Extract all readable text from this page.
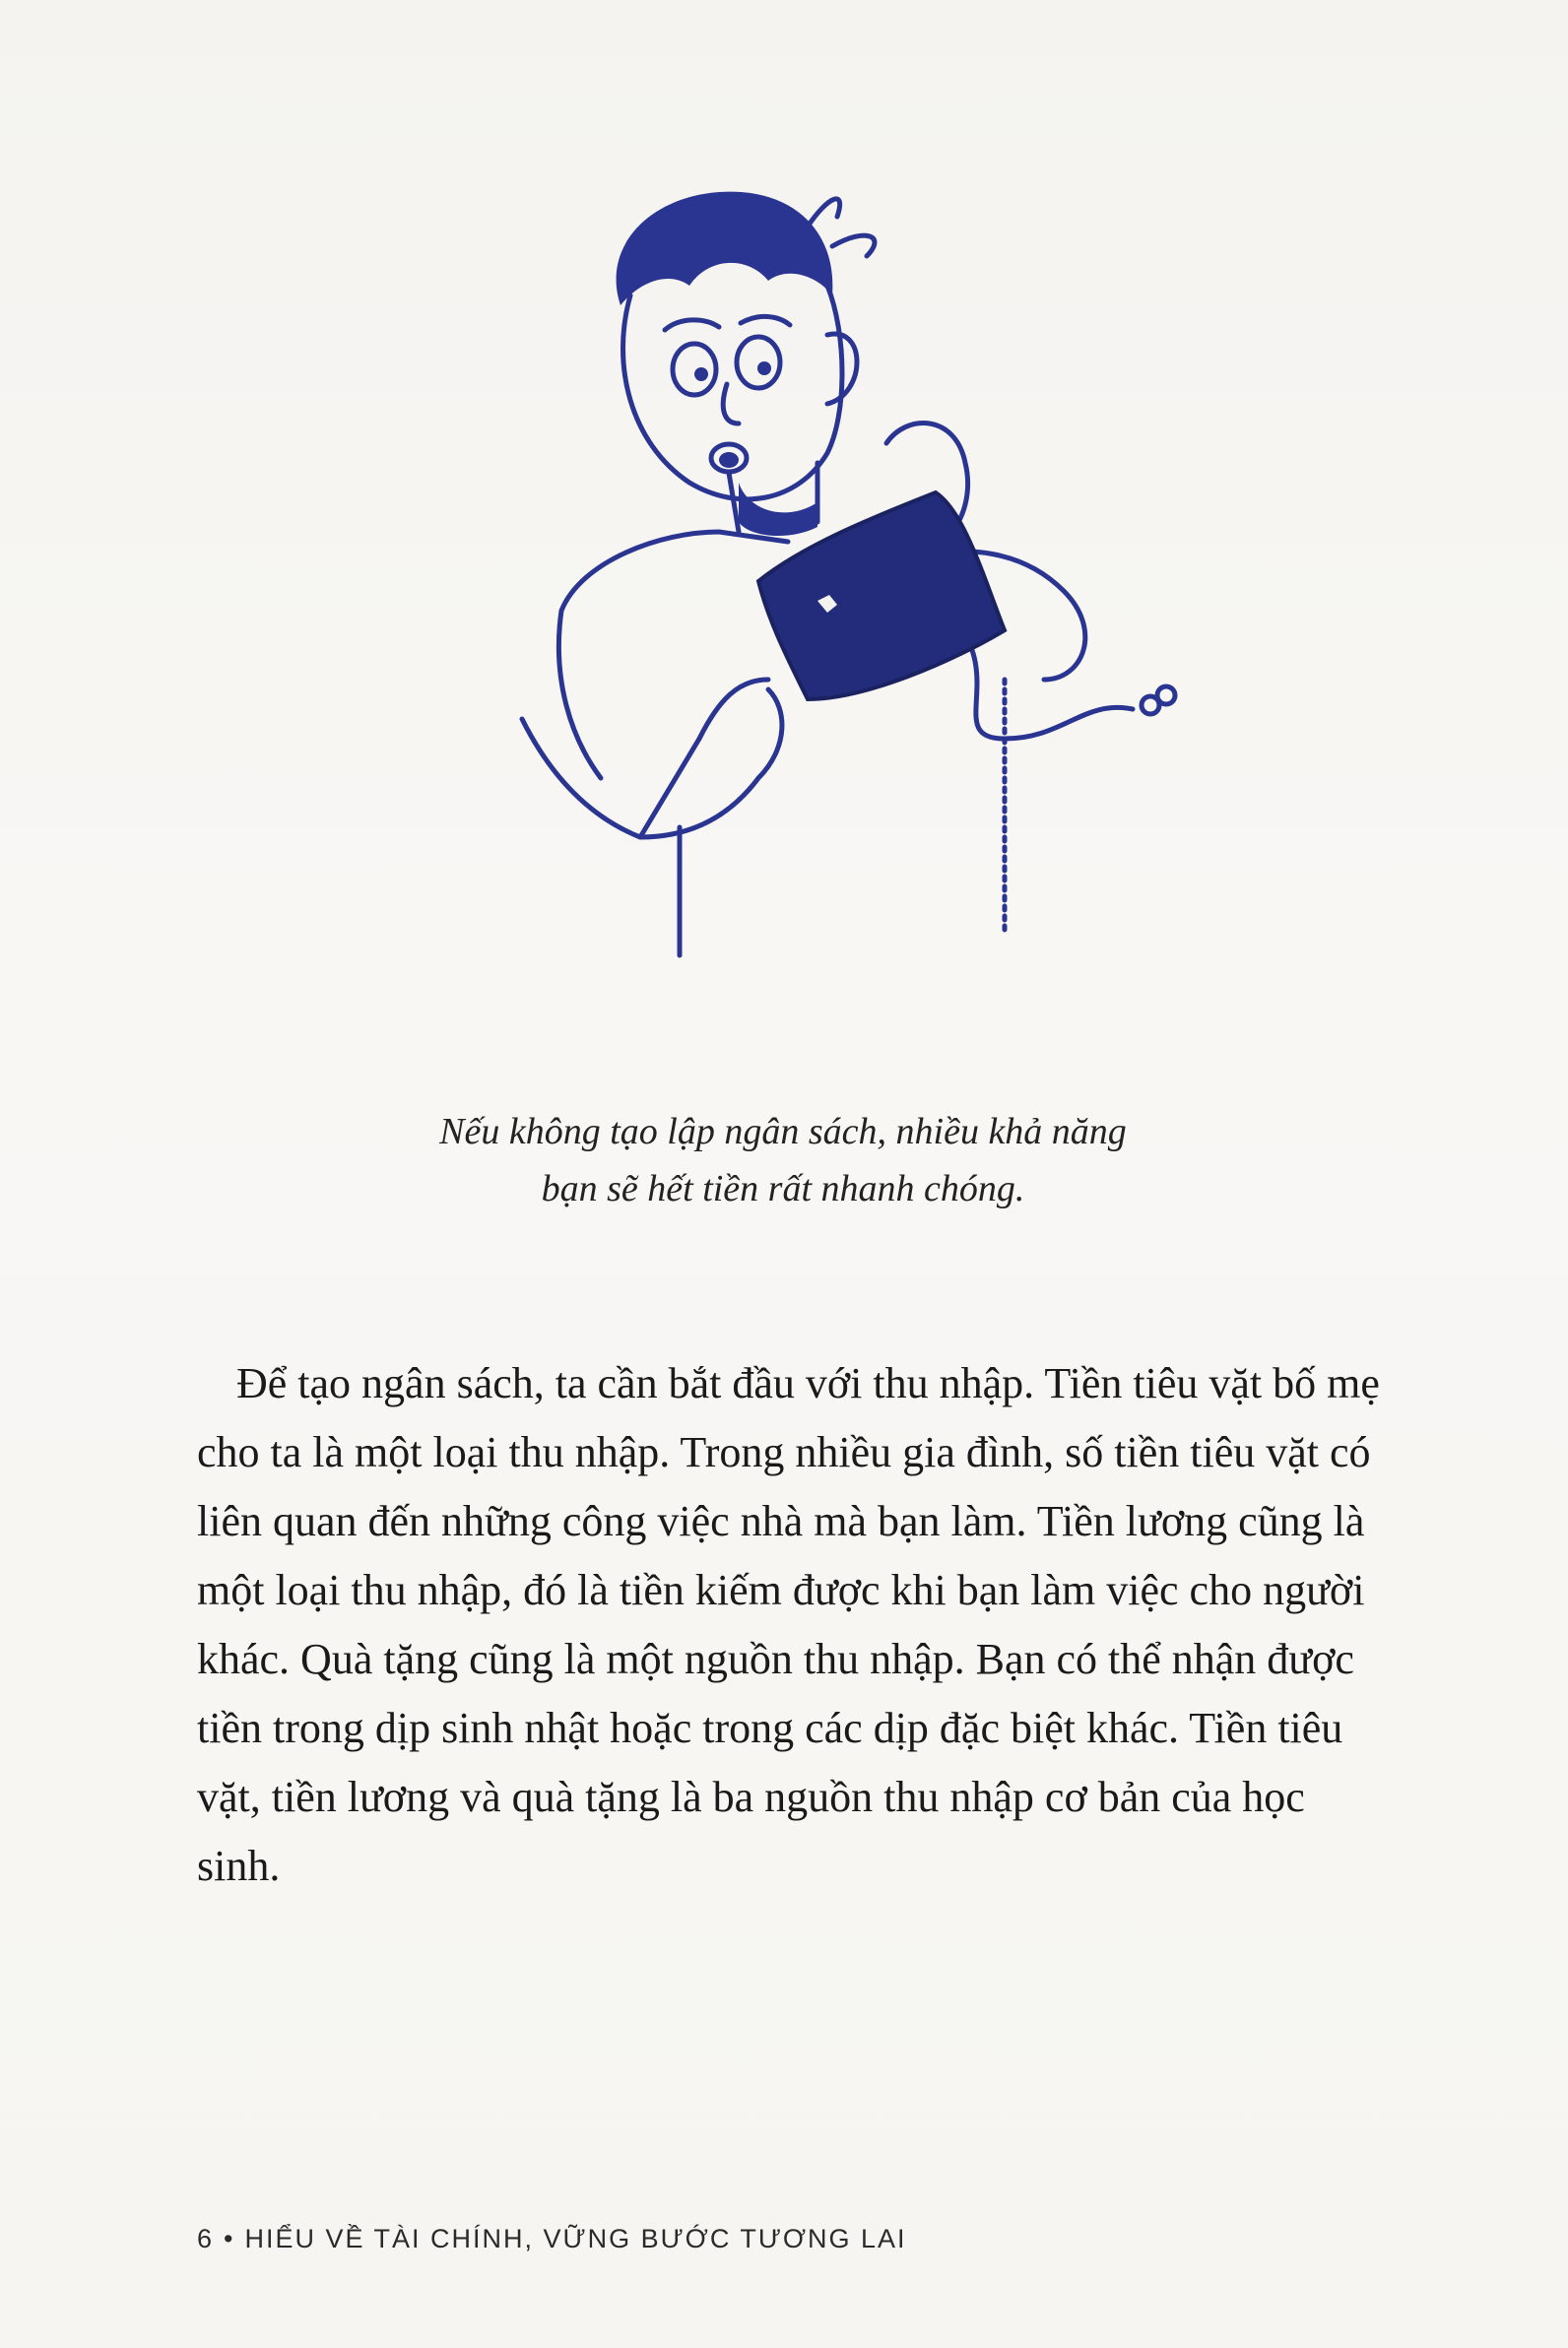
Nếu không tạo lập ngân sách, nhiều khả năng
bạn sẽ hết tiền rất nhanh chóng.

Để tạo ngân sách, ta cần bắt đầu với thu nhập. Tiền tiêu vặt bố mẹ cho ta là một loại thu nhập. Trong nhiều gia đình, số tiền tiêu vặt có liên quan đến những công việc nhà mà bạn làm. Tiền lương cũng là một loại thu nhập, đó là tiền kiếm được khi bạn làm việc cho người khác. Quà tặng cũng là một nguồn thu nhập. Bạn có thể nhận được tiền trong dịp sinh nhật hoặc trong các dịp đặc biệt khác. Tiền tiêu vặt, tiền lương và quà tặng là ba nguồn thu nhập cơ bản của học sinh.

6 • HIỂU VỀ TÀI CHÍNH, VỮNG BƯỚC TƯƠNG LAI
